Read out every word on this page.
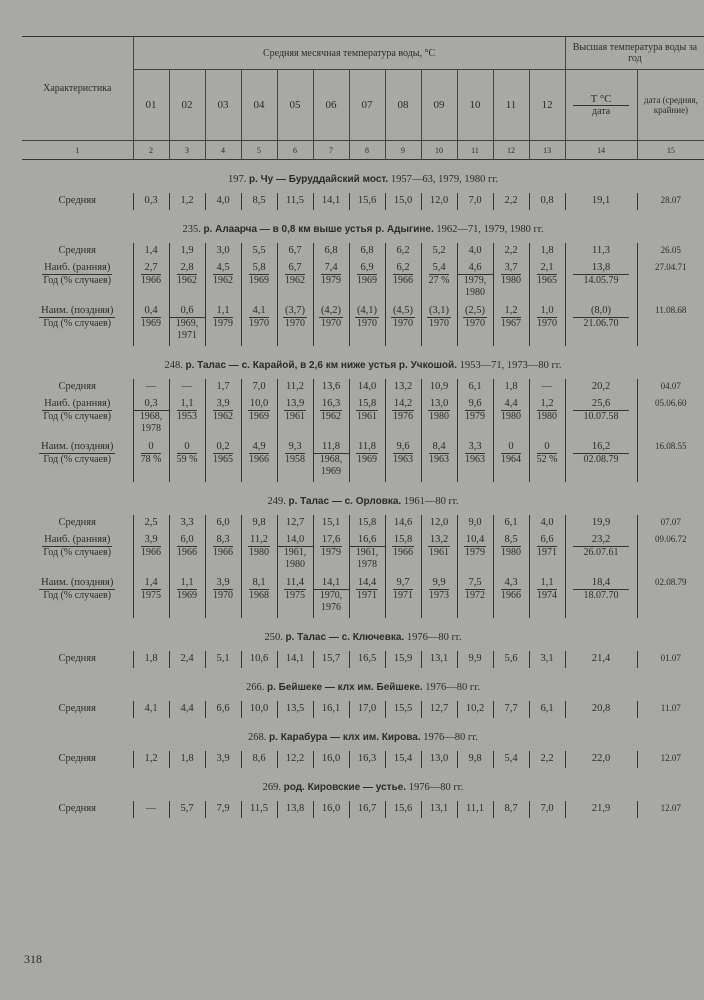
Характеристика	Средняя месячная температура воды, °С												Высшая температура воды за год	
	01	02	03	04	05	06	07	08	09	10	11	12	$\frac{T ^\circ C}{\text{дата}}$	дата (средняя, крайние)
1	2	3	4	5	6	7	8	9	10	11	12	13	14	15
197. р. Чу — Буруддайский мост. 1957—63, 1979, 1980 гг.
Средняя	0,3	1,2	4,0	8,5	11,5	14,1	15,6	15,0	12,0	7,0	2,2	0,8	19,1	28.07
235. р. Алаарча — в 0,8 км выше устья р. Адыгине. 1962—71, 1979, 1980 гг.
Средняя	1,4	1,9	3,0	5,5	6,7	6,8	6,8	6,2	5,2	4,0	2,2	1,8	11,3	26.05

$\frac{\text{Наиб. (ранняя)}}{\text{Год (\% случаев)}}$	$\frac{2,7}{1966}$	$\frac{2,8}{1962}$	$\frac{4,5}{1962}$	$\frac{5,8}{1969}$	$\frac{6,7}{1962}$	$\frac{7,4}{1979}$	$\frac{6,9}{1969}$	$\frac{6,2}{1966}$	$\frac{5,4}{27 \%}$	$\frac{4,6}{1979, 1980}$	$\frac{3,7}{1980}$	$\frac{2,1}{1965}$	$\frac{13,8}{14.05.79}$	27.04.71

$\frac{\text{Наим. (поздняя)}}{\text{Год (\% случаев)}}$	$\frac{0,4}{1969}$	$\frac{0,6}{1969, 1971}$	$\frac{1,1}{1979}$	$\frac{4,1}{1970}$	$\frac{(3,7)}{1970}$	$\frac{(4,2)}{1970}$	$\frac{(4,1)}{1970}$	$\frac{(4,5)}{1970}$	$\frac{(3,1)}{1970}$	$\frac{(2,5)}{1970}$	$\frac{1,2}{1967}$	$\frac{1,0}{1970}$	$\frac{(8,0)}{21.06.70}$	11.08.68
248. р. Талас — с. Карайой, в 2,6 км ниже устья р. Учкошой. 1953—71, 1973—80 гг.
Средняя	—	—	1,7	7,0	11,2	13,6	14,0	13,2	10,9	6,1	1,8	—	20,2	04.07

$\frac{\text{Наиб. (ранняя)}}{\text{Год (\% случаев)}}$	$\frac{0,3}{1968, 1978}$	$\frac{1,1}{1953}$	$\frac{3,9}{1962}$	$\frac{10,0}{1969}$	$\frac{13,9}{1961}$	$\frac{16,3}{1962}$	$\frac{15,8}{1961}$	$\frac{14,2}{1976}$	$\frac{13,0}{1980}$	$\frac{9,6}{1979}$	$\frac{4,4}{1980}$	$\frac{1,2}{1980}$	$\frac{25,6}{10.07.58}$	05.06.60

$\frac{\text{Наим. (поздняя)}}{\text{Год (\% случаев)}}$	$\frac{0}{78 \%}$	$\frac{0}{59 \%}$	$\frac{0,2}{1965}$	$\frac{4,9}{1966}$	$\frac{9,3}{1958}$	$\frac{11,8}{1968, 1969}$	$\frac{11,8}{1969}$	$\frac{9,6}{1963}$	$\frac{8,4}{1963}$	$\frac{3,3}{1963}$	$\frac{0}{1964}$	$\frac{0}{52 \%}$	$\frac{16,2}{02.08.79}$	16.08.55
249. р. Талас — с. Орловка. 1961—80 гг.
Средняя	2,5	3,3	6,0	9,8	12,7	15,1	15,8	14,6	12,0	9,0	6,1	4,0	19,9	07.07

$\frac{\text{Наиб. (ранняя)}}{\text{Год (\% случаев)}}$	$\frac{3,9}{1966}$	$\frac{6,0}{1966}$	$\frac{8,3}{1966}$	$\frac{11,2}{1980}$	$\frac{14,0}{1961, 1980}$	$\frac{17,6}{1979}$	$\frac{16,6}{1961, 1978}$	$\frac{15,8}{1966}$	$\frac{13,2}{1961}$	$\frac{10,4}{1979}$	$\frac{8,5}{1980}$	$\frac{6,6}{1971}$	$\frac{23,2}{26.07.61}$	09.06.72

$\frac{\text{Наим. (поздняя)}}{\text{Год (\% случаев)}}$	$\frac{1,4}{1975}$	$\frac{1,1}{1969}$	$\frac{3,9}{1970}$	$\frac{8,1}{1968}$	$\frac{11,4}{1975}$	$\frac{14,1}{1970, 1976}$	$\frac{14,4}{1971}$	$\frac{9,7}{1971}$	$\frac{9,9}{1973}$	$\frac{7,5}{1972}$	$\frac{4,3}{1966}$	$\frac{1,1}{1974}$	$\frac{18,4}{18.07.70}$	02.08.79
250. р. Талас — с. Ключевка. 1976—80 гг.
Средняя	1,8	2,4	5,1	10,6	14,1	15,7	16,5	15,9	13,1	9,9	5,6	3,1	21,4	01.07
266. р. Бейшеке — клх им. Бейшеке. 1976—80 гг.
Средняя	4,1	4,4	6,6	10,0	13,5	16,1	17,0	15,5	12,7	10,2	7,7	6,1	20,8	11.07
268. р. Карабура — клх им. Кирова. 1976—80 гг.
Средняя	1,2	1,8	3,9	8,6	12,2	16,0	16,3	15,4	13,0	9,8	5,4	2,2	22,0	12.07
269. род. Кировские — устье. 1976—80 гг.
Средняя	—	5,7	7,9	11,5	13,8	16,0	16,7	15,6	13,1	11,1	8,7	7,0	21,9	12.07
318
